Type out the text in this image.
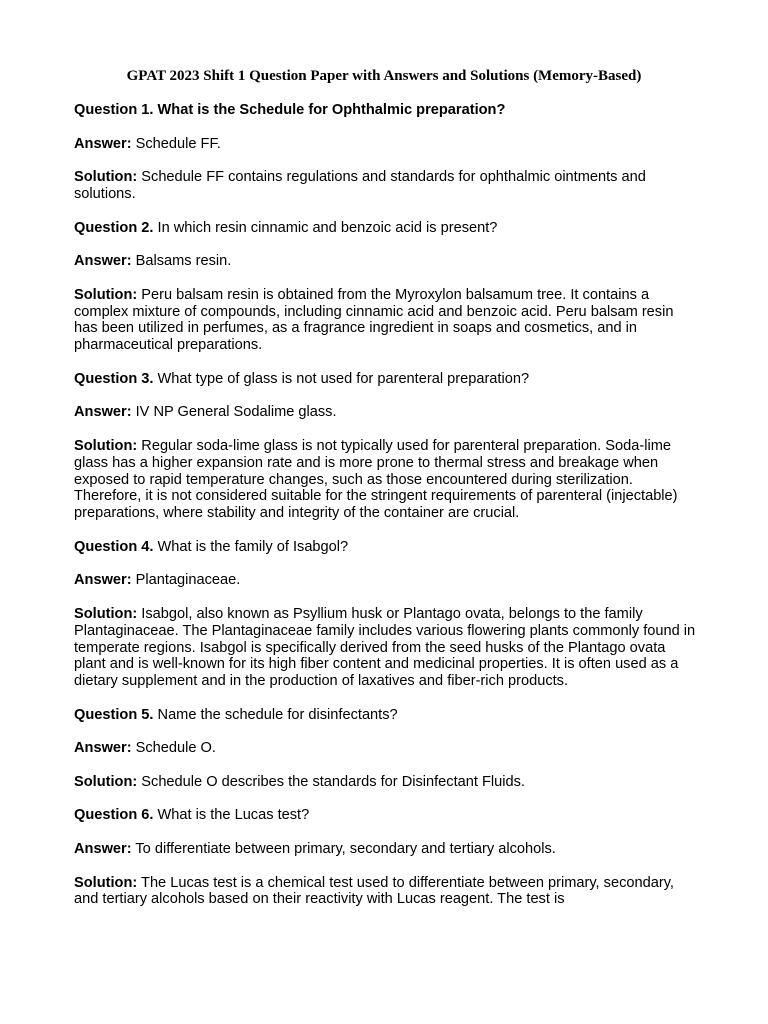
GPAT 2023 Shift 1 Question Paper with Answers and Solutions (Memory-Based)

Question 1. What is the Schedule for Ophthalmic preparation?

Answer: Schedule FF.

Solution: Schedule FF contains regulations and standards for ophthalmic ointments and solutions.

Question 2. In which resin cinnamic and benzoic acid is present?

Answer: Balsams resin.

Solution: Peru balsam resin is obtained from the Myroxylon balsamum tree. It contains a complex mixture of compounds, including cinnamic acid and benzoic acid. Peru balsam resin has been utilized in perfumes, as a fragrance ingredient in soaps and cosmetics, and in pharmaceutical preparations.

Question 3. What type of glass is not used for parenteral preparation?

Answer: IV NP General Sodalime glass.

Solution: Regular soda-lime glass is not typically used for parenteral preparation. Soda-lime glass has a higher expansion rate and is more prone to thermal stress and breakage when exposed to rapid temperature changes, such as those encountered during sterilization. Therefore, it is not considered suitable for the stringent requirements of parenteral (injectable) preparations, where stability and integrity of the container are crucial.

Question 4. What is the family of Isabgol?

Answer: Plantaginaceae.

Solution: Isabgol, also known as Psyllium husk or Plantago ovata, belongs to the family Plantaginaceae. The Plantaginaceae family includes various flowering plants commonly found in temperate regions. Isabgol is specifically derived from the seed husks of the Plantago ovata plant and is well-known for its high fiber content and medicinal properties. It is often used as a dietary supplement and in the production of laxatives and fiber-rich products.

Question 5. Name the schedule for disinfectants?

Answer: Schedule O.

Solution: Schedule O describes the standards for Disinfectant Fluids.

Question 6. What is the Lucas test?

Answer: To differentiate between primary, secondary and tertiary alcohols.

Solution: The Lucas test is a chemical test used to differentiate between primary, secondary, and tertiary alcohols based on their reactivity with Lucas reagent. The test is
